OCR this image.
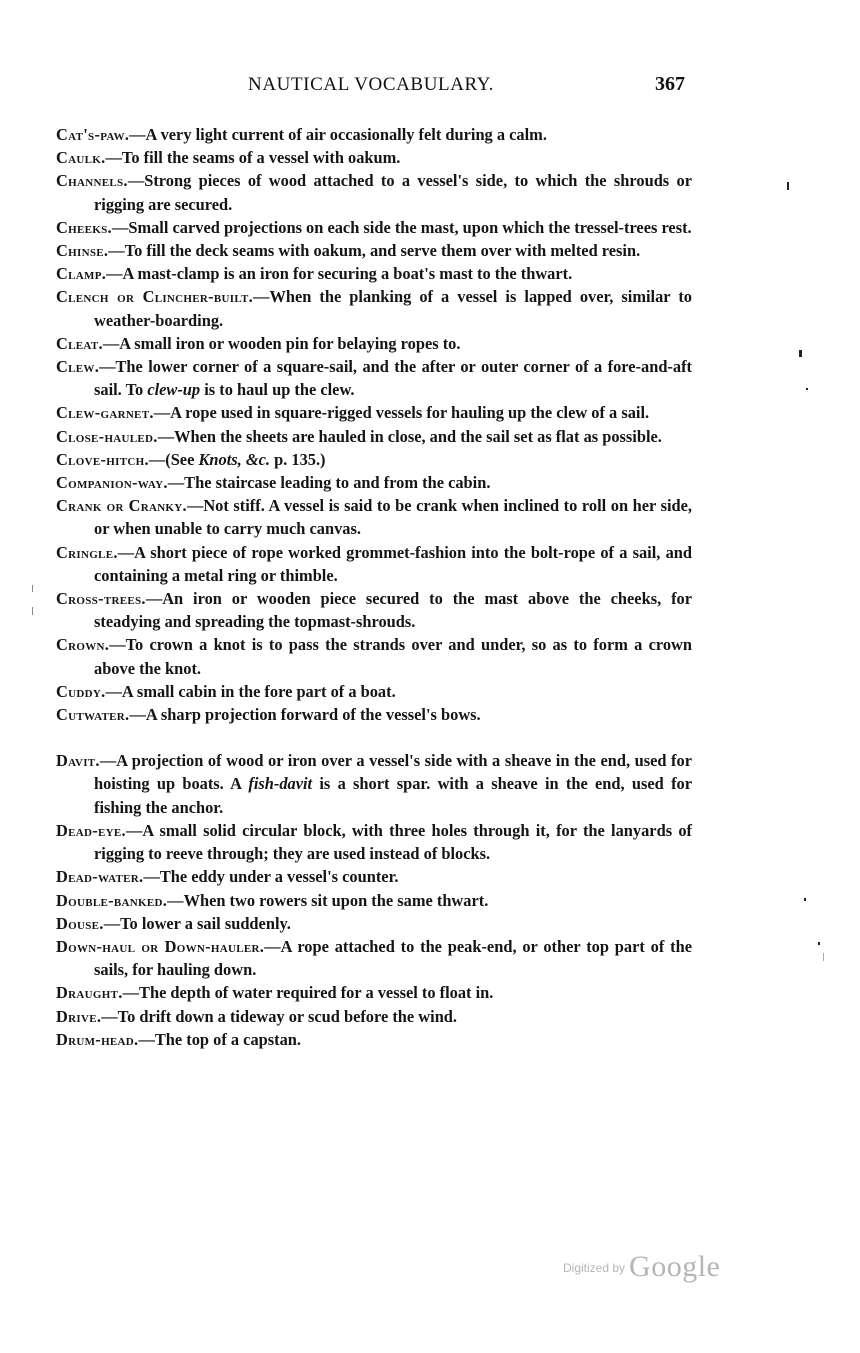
NAUTICAL VOCABULARY.	367

Cat's-paw.—A very light current of air occasionally felt during a calm.

Caulk.—To fill the seams of a vessel with oakum.

Channels.—Strong pieces of wood attached to a vessel's side, to which the shrouds or rigging are secured.

Cheeks.—Small carved projections on each side the mast, upon which the tressel-trees rest.

Chinse.—To fill the deck seams with oakum, and serve them over with melted resin.

Clamp.—A mast-clamp is an iron for securing a boat's mast to the thwart.

Clench or Clincher-built.—When the planking of a vessel is lapped over, similar to weather-boarding.

Cleat.—A small iron or wooden pin for belaying ropes to.

Clew.—The lower corner of a square-sail, and the after or outer corner of a fore-and-aft sail. To clew-up is to haul up the clew.

Clew-garnet.—A rope used in square-rigged vessels for hauling up the clew of a sail.

Close-hauled.—When the sheets are hauled in close, and the sail set as flat as possible.

Clove-hitch.—(See Knots, &c. p. 135.)

Companion-way.—The staircase leading to and from the cabin.

Crank or Cranky.—Not stiff. A vessel is said to be crank when inclined to roll on her side, or when unable to carry much canvas.

Cringle.—A short piece of rope worked grommet-fashion into the bolt-rope of a sail, and containing a metal ring or thimble.

Cross-trees.—An iron or wooden piece secured to the mast above the cheeks, for steadying and spreading the topmast-shrouds.

Crown.—To crown a knot is to pass the strands over and under, so as to form a crown above the knot.

Cuddy.—A small cabin in the fore part of a boat.

Cutwater.—A sharp projection forward of the vessel's bows.

Davit.—A projection of wood or iron over a vessel's side with a sheave in the end, used for hoisting up boats. A fish-davit is a short spar. with a sheave in the end, used for fishing the anchor.

Dead-eye.—A small solid circular block, with three holes through it, for the lanyards of rigging to reeve through; they are used instead of blocks.

Dead-water.—The eddy under a vessel's counter.

Double-banked.—When two rowers sit upon the same thwart.

Douse.—To lower a sail suddenly.

Down-haul or Down-hauler.—A rope attached to the peak-end, or other top part of the sails, for hauling down.

Draught.—The depth of water required for a vessel to float in.

Drive.—To drift down a tideway or scud before the wind.

Drum-head.—The top of a capstan.

$^{Digitized by}$ Google
